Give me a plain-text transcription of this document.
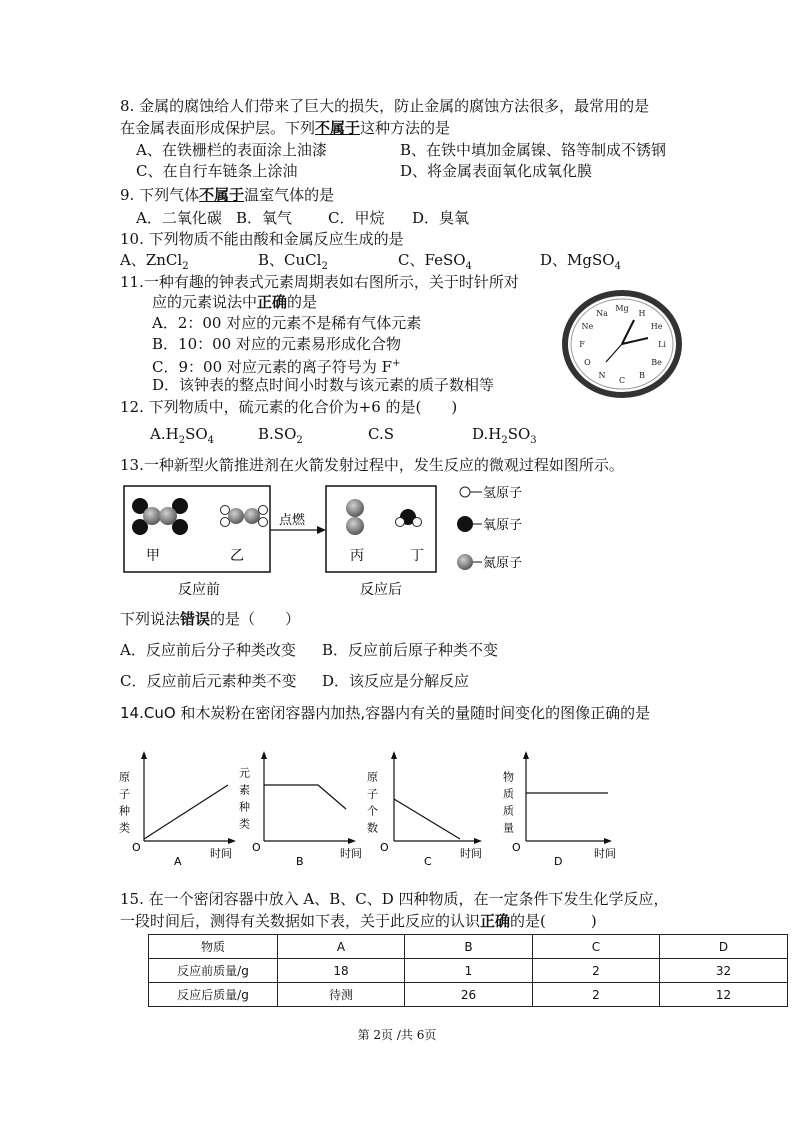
8. 金属的腐蚀给人们带来了巨大的损失，防止金属的腐蚀方法很多，最常用的是
在金属表面形成保护层。下列不属于这种方法的是
A、在铁栅栏的表面涂上油漆	B、在铁中填加金属镍、铬等制成不锈钢
C、在自行车链条上涂油	D、将金属表面氧化成氧化膜
9. 下列气体不属于温室气体的是
A．二氧化碳 B．氧气 C．甲烷 D．臭氧
10. 下列物质不能由酸和金属反应生成的是
A、ZnCl$_2$	B、CuCl$_2$	C、FeSO$_4$	D、MgSO$_4$
11.一种有趣的钟表式元素周期表如右图所示，关于时针所对
应的元素说法中正确的是
A．2：00 对应的元素不是稀有气体元素
B．10：00 对应的元素易形成化合物
C．9：00 对应元素的离子符号为 F+
D．该钟表的整点时间小时数与该元素的质子数相等
Mg
H
He
Li
Be
B
C
N
O
F
Ne
Na
12. 下列物质中，硫元素的化合价为+6 的是(　　)
$A.H_2SO_4$	$B.SO_2$	C.S	$D.H_2SO_3$
13.一种新型火箭推进剂在火箭发射过程中，发生反应的微观过程如图所示。
点燃
甲	乙	丙	丁
反应前	反应后
氢原子
氧原子
氮原子
下列说法错误的是（　　）
A．反应前后分子种类改变 B．反应前后原子种类不变
C．反应前后元素种类不变 D．该反应是分解反应
14.CuO 和木炭粉在密闭容器内加热,容器内有关的量随时间变化的图像正确的是
原子种类
O	时间
A
元素种类
O	时间
B
原子个数
O	时间
C
物质质量
O	时间
D
15. 在一个密闭容器中放入 A、B、C、D 四种物质，在一定条件下发生化学反应，
一段时间后，测得有关数据如下表，关于此反应的认识正确的是(　　　)
物质	A	B	C	D
反应前质量/g	18	1	2	32
反应后质量/g	待测	26	2	12
第 2页 /共 6页
